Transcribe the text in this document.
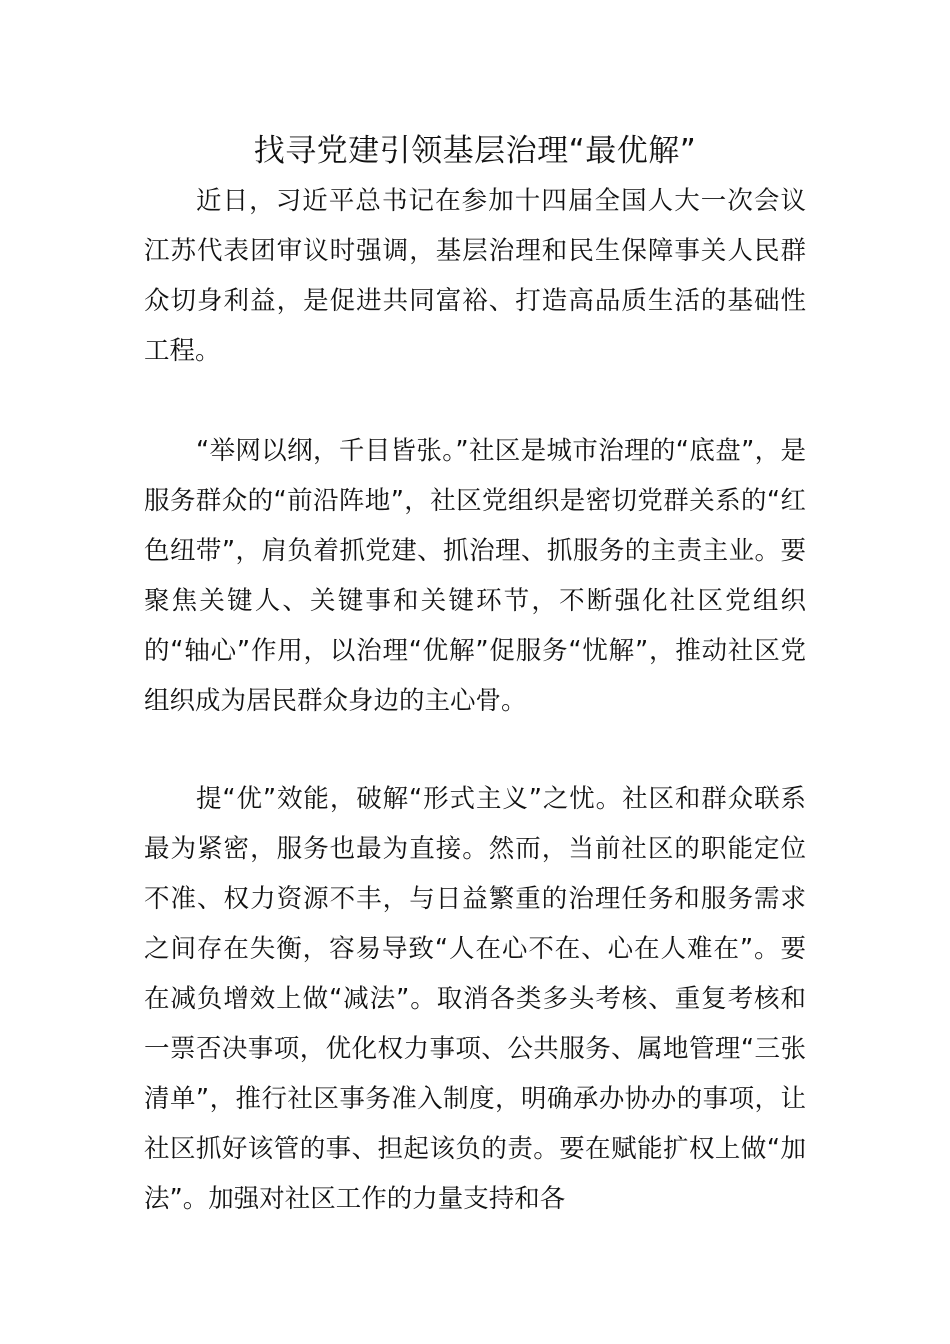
找寻党建引领基层治理“最优解”

近日，习近平总书记在参加十四届全国人大一次会议江苏代表团审议时强调，基层治理和民生保障事关人民群众切身利益，是促进共同富裕、打造高品质生活的基础性工程。

“举网以纲，千目皆张。”社区是城市治理的“底盘”，是服务群众的“前沿阵地”，社区党组织是密切党群关系的“红色纽带”，肩负着抓党建、抓治理、抓服务的主责主业。要聚焦关键人、关键事和关键环节，不断强化社区党组织的“轴心”作用，以治理“优解”促服务“忧解”，推动社区党组织成为居民群众身边的主心骨。

提“优”效能，破解“形式主义”之忧。社区和群众联系最为紧密，服务也最为直接。然而，当前社区的职能定位不准、权力资源不丰，与日益繁重的治理任务和服务需求之间存在失衡，容易导致“人在心不在、心在人难在”。要在减负增效上做“减法”。取消各类多头考核、重复考核和一票否决事项，优化权力事项、公共服务、属地管理“三张清单”，推行社区事务准入制度，明确承办协办的事项，让社区抓好该管的事、担起该负的责。要在赋能扩权上做“加法”。加强对社区工作的力量支持和各
